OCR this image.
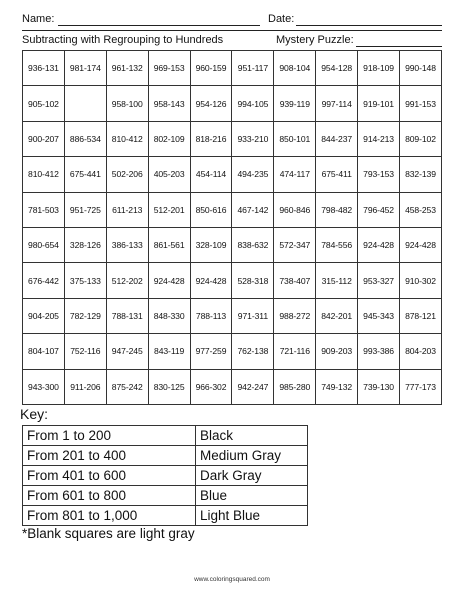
Name:	Date:
Subtracting with Regrouping to Hundreds	Mystery Puzzle:
936-131	981-174	961-132	969-153	960-159	951-117	908-104	954-128	918-109	990-148
905-102		958-100	958-143	954-126	994-105	939-119	997-114	919-101	991-153
900-207	886-534	810-412	802-109	818-216	933-210	850-101	844-237	914-213	809-102
810-412	675-441	502-206	405-203	454-114	494-235	474-117	675-411	793-153	832-139
781-503	951-725	611-213	512-201	850-616	467-142	960-846	798-482	796-452	458-253
980-654	328-126	386-133	861-561	328-109	838-632	572-347	784-556	924-428	924-428
676-442	375-133	512-202	924-428	924-428	528-318	738-407	315-112	953-327	910-302
904-205	782-129	788-131	848-330	788-113	971-311	988-272	842-201	945-343	878-121
804-107	752-116	947-245	843-119	977-259	762-138	721-116	909-203	993-386	804-203
943-300	911-206	875-242	830-125	966-302	942-247	985-280	749-132	739-130	777-173
Key:
From 1 to 200	Black
From 201 to 400	Medium Gray
From 401 to 600	Dark Gray
From 601 to 800	Blue
From 801 to 1,000	Light Blue
*Blank squares are light gray
www.coloringsquared.com
